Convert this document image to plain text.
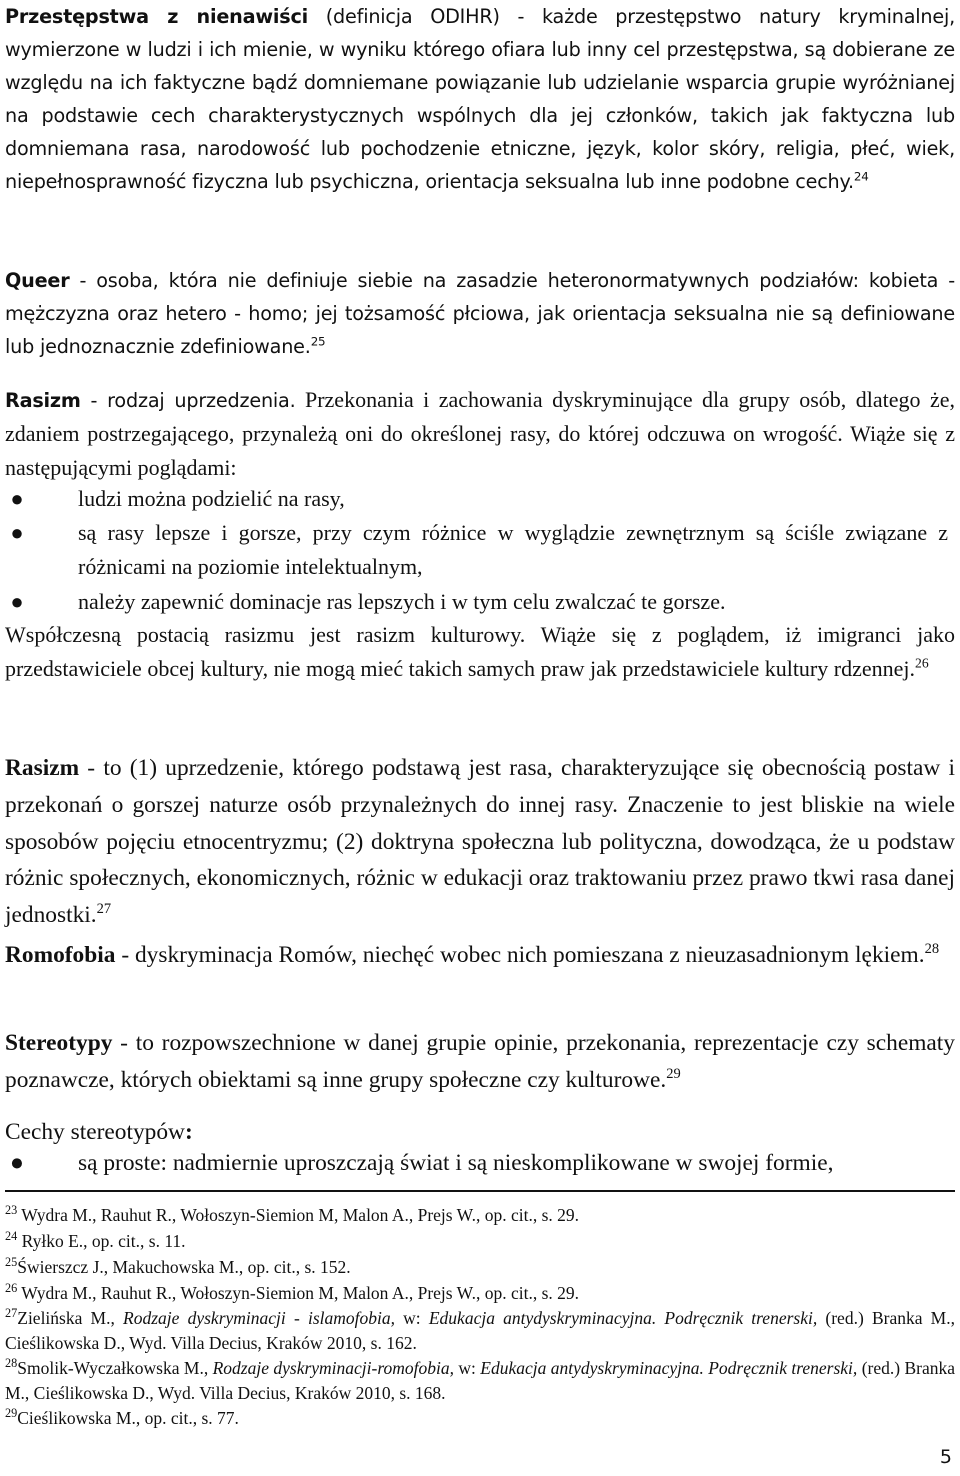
Przestępstwa z nienawiści (definicja ODIHR) - każde przestępstwo natury kryminalnej, wymierzone w ludzi i ich mienie, w wyniku którego ofiara lub inny cel przestępstwa, są dobierane ze względu na ich faktyczne bądź domniemane powiązanie lub udzielanie wsparcia grupie wyróżnianej na podstawie cech charakterystycznych wspólnych dla jej członków, takich jak faktyczna lub domniemana rasa, narodowość lub pochodzenie etniczne, język, kolor skóry, religia, płeć, wiek, niepełnosprawność fizyczna lub psychiczna, orientacja seksualna lub inne podobne cechy.$^{24}$

Queer - osoba, która nie definiuje siebie na zasadzie heteronormatywnych podziałów: kobieta - mężczyzna oraz hetero - homo; jej tożsamość płciowa, jak orientacja seksualna nie są definiowane lub jednoznacznie zdefiniowane.$^{25}$

Rasizm - rodzaj uprzedzenia. Przekonania i zachowania dyskryminujące dla grupy osób, dlatego że, zdaniem postrzegającego, przynależą oni do określonej rasy, do której odczuwa on wrogość. Wiąże się z następującymi poglądami:

● ludzi można podzielić na rasy,
● są rasy lepsze i gorsze, przy czym różnice w wyglądzie zewnętrznym są ściśle związane z różnicami na poziomie intelektualnym,
● należy zapewnić dominacje ras lepszych i w tym celu zwalczać te gorsze.

Współczesną postacią rasizmu jest rasizm kulturowy. Wiąże się z poglądem, iż imigranci jako przedstawiciele obcej kultury, nie mogą mieć takich samych praw jak przedstawiciele kultury rdzennej.$^{26}$

Rasizm - to (1) uprzedzenie, którego podstawą jest rasa, charakteryzujące się obecnością postaw i przekonań o gorszej naturze osób przynależnych do innej rasy. Znaczenie to jest bliskie na wiele sposobów pojęciu etnocentryzmu; (2) doktryna społeczna lub polityczna, dowodząca, że u podstaw różnic społecznych, ekonomicznych, różnic w edukacji oraz traktowaniu przez prawo tkwi rasa danej jednostki.$^{27}$

Romofobia - dyskryminacja Romów, niechęć wobec nich pomieszana z nieuzasadnionym lękiem.$^{28}$

Stereotypy - to rozpowszechnione w danej grupie opinie, przekonania, reprezentacje czy schematy poznawcze, których obiektami są inne grupy społeczne czy kulturowe.$^{29}$

Cechy stereotypów:

● są proste: nadmiernie uproszczają świat i są nieskomplikowane w swojej formie,

$^{23}$ Wydra M., Rauhut R., Wołoszyn-Siemion M, Malon A., Prejs W., op. cit., s. 29.

$^{24}$ Ryłko E., op. cit., s. 11.

$^{25}$Świerszcz J., Makuchowska M., op. cit., s. 152.

$^{26}$ Wydra M., Rauhut R., Wołoszyn-Siemion M, Malon A., Prejs W., op. cit., s. 29.

$^{27}$Zielińska M., Rodzaje dyskryminacji - islamofobia, w: Edukacja antydyskryminacyjna. Podręcznik trenerski, (red.) Branka M., Cieślikowska D., Wyd. Villa Decius, Kraków 2010, s. 162.

$^{28}$Smolik-Wyczałkowska M., Rodzaje dyskryminacji-romofobia, w: Edukacja antydyskryminacyjna. Podręcznik trenerski, (red.) Branka M., Cieślikowska D., Wyd. Villa Decius, Kraków 2010, s. 168.

$^{29}$Cieślikowska M., op. cit., s. 77.

5
